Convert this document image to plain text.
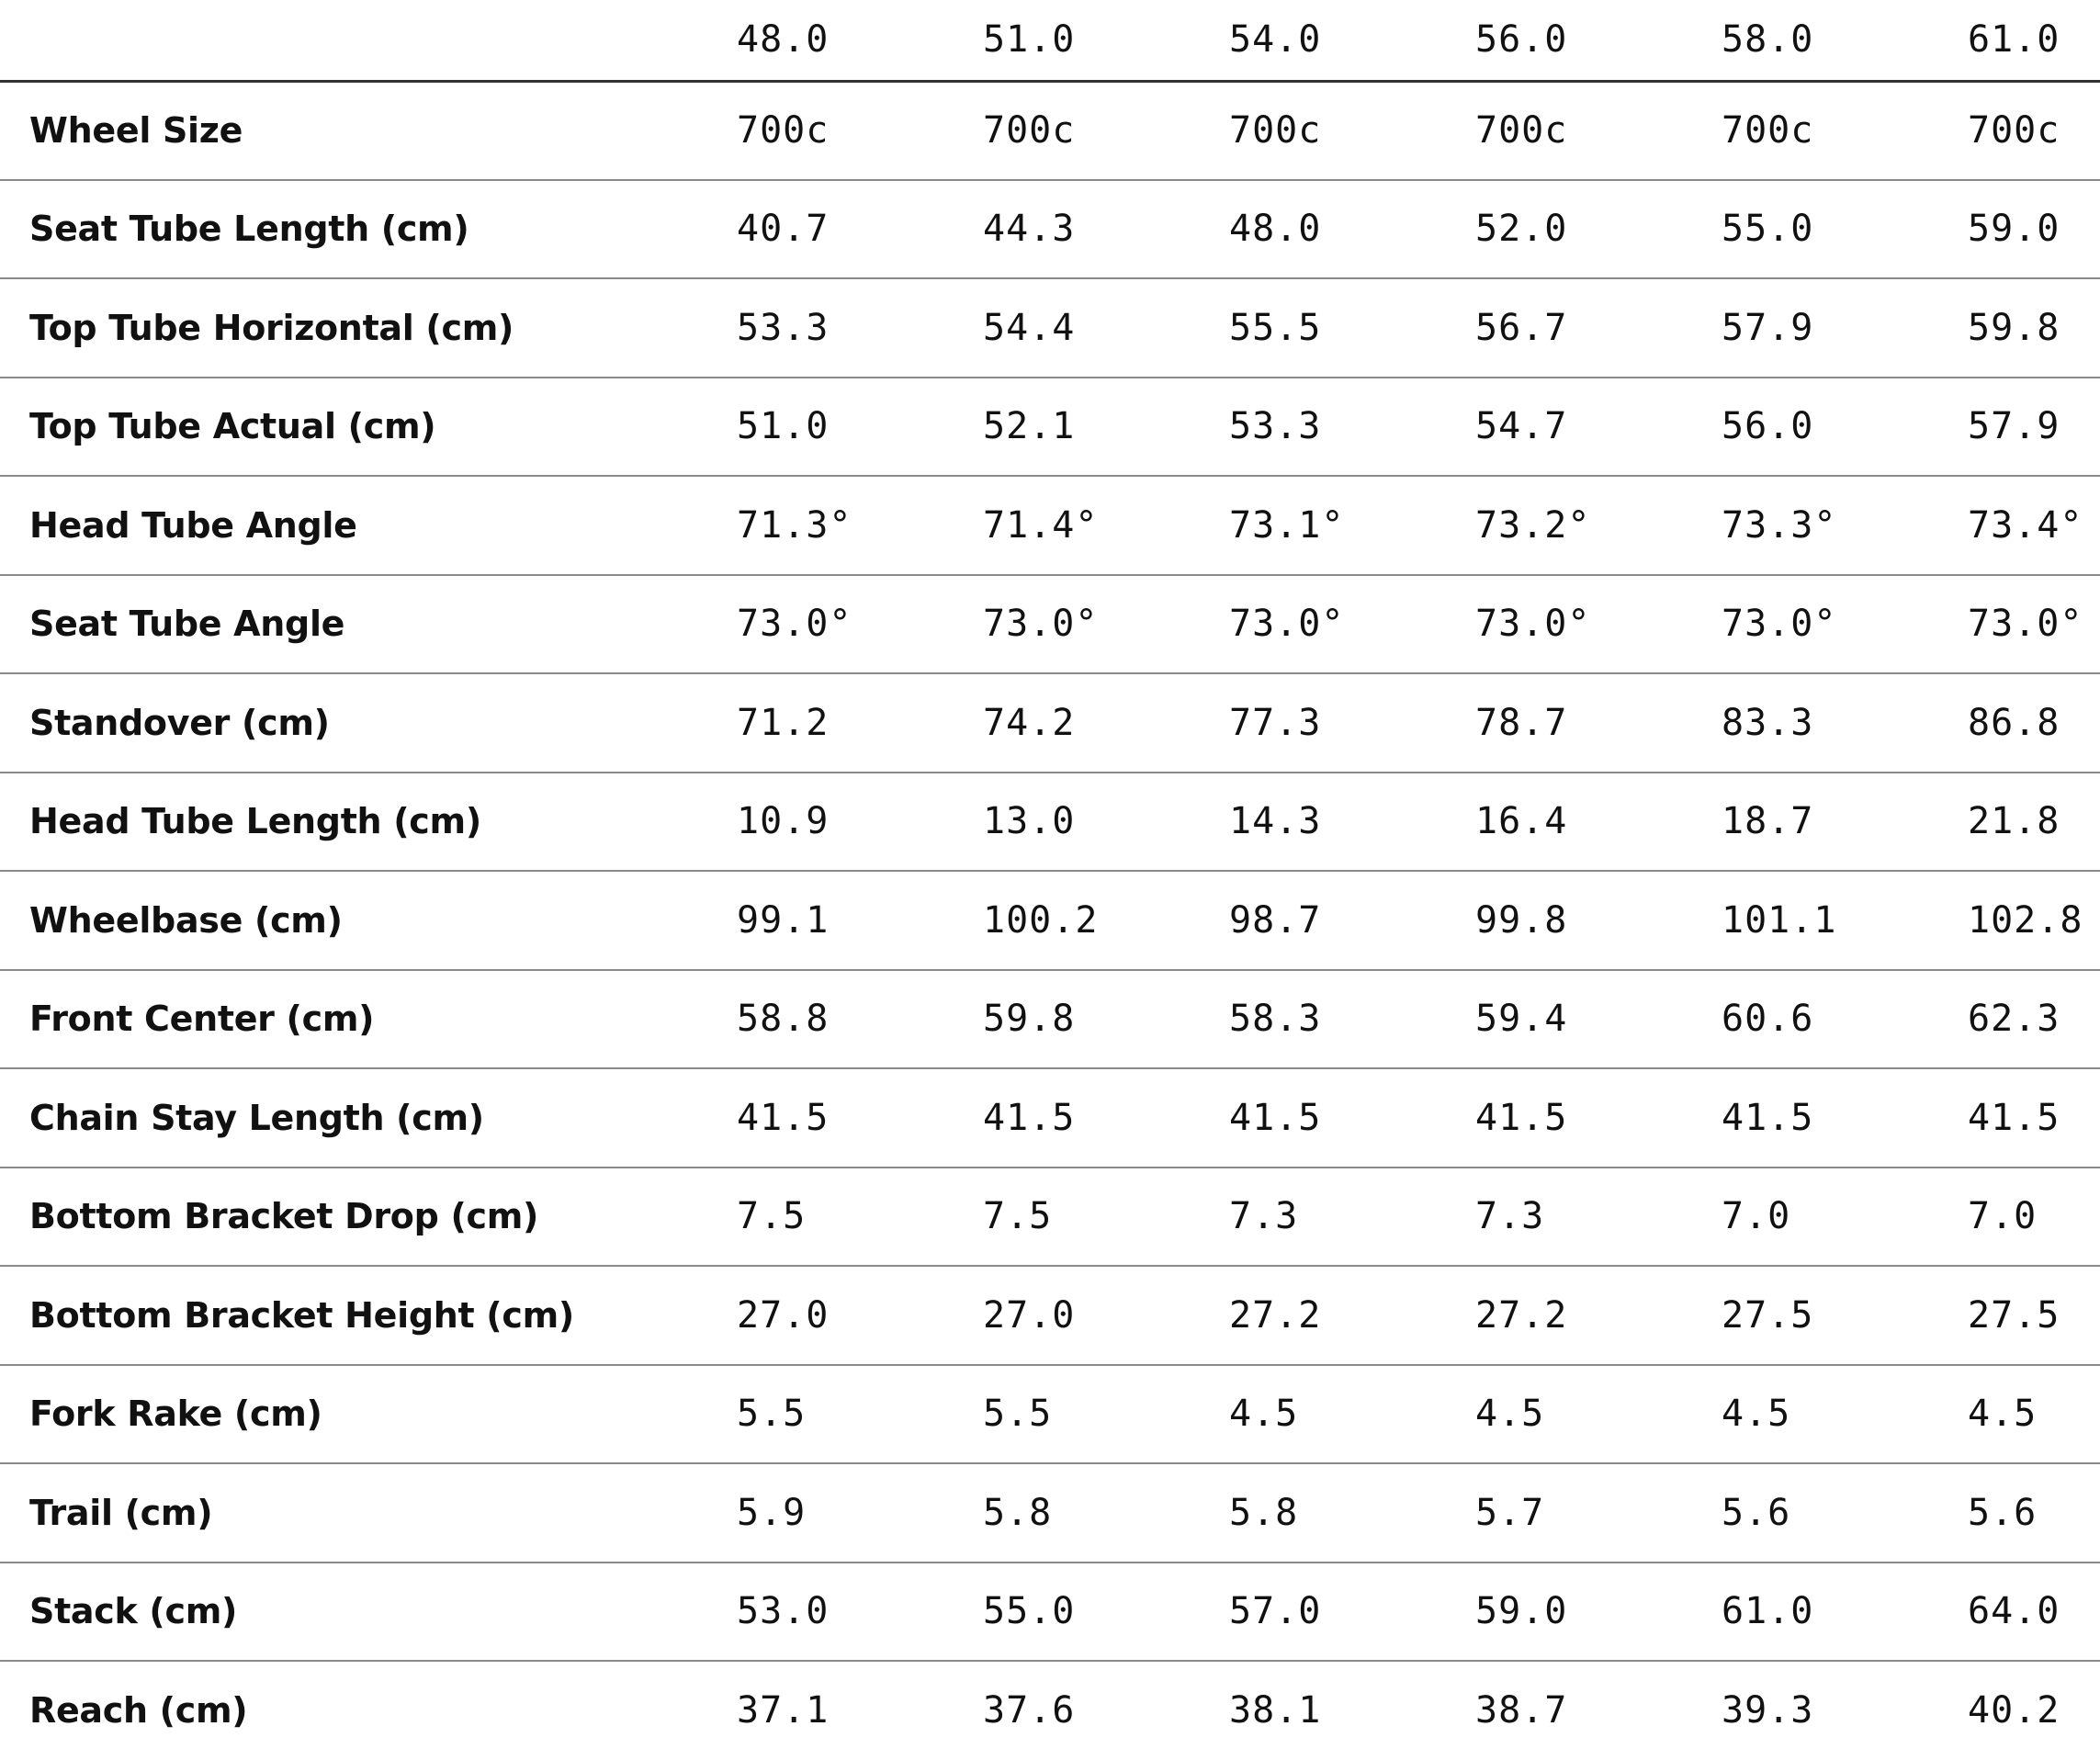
	48.0	51.0	54.0	56.0	58.0	61.0
Wheel Size	700c	700c	700c	700c	700c	700c
Seat Tube Length (cm)	40.7	44.3	48.0	52.0	55.0	59.0
Top Tube Horizontal (cm)	53.3	54.4	55.5	56.7	57.9	59.8
Top Tube Actual (cm)	51.0	52.1	53.3	54.7	56.0	57.9
Head Tube Angle	71.3°	71.4°	73.1°	73.2°	73.3°	73.4°
Seat Tube Angle	73.0°	73.0°	73.0°	73.0°	73.0°	73.0°
Standover (cm)	71.2	74.2	77.3	78.7	83.3	86.8
Head Tube Length (cm)	10.9	13.0	14.3	16.4	18.7	21.8
Wheelbase (cm)	99.1	100.2	98.7	99.8	101.1	102.8
Front Center (cm)	58.8	59.8	58.3	59.4	60.6	62.3
Chain Stay Length (cm)	41.5	41.5	41.5	41.5	41.5	41.5
Bottom Bracket Drop (cm)	7.5	7.5	7.3	7.3	7.0	7.0
Bottom Bracket Height (cm)	27.0	27.0	27.2	27.2	27.5	27.5
Fork Rake (cm)	5.5	5.5	4.5	4.5	4.5	4.5
Trail (cm)	5.9	5.8	5.8	5.7	5.6	5.6
Stack (cm)	53.0	55.0	57.0	59.0	61.0	64.0
Reach (cm)	37.1	37.6	38.1	38.7	39.3	40.2
